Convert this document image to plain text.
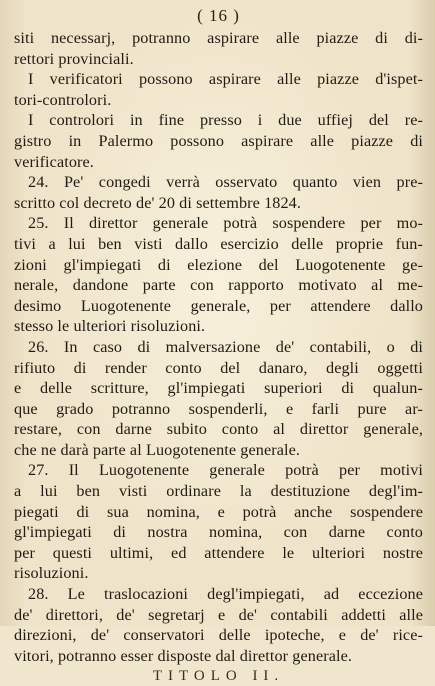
( 16 )
siti necessarj, potranno aspirare alle piazze di di-
rettori provinciali.
I verificatori possono aspirare alle piazze d'ispet-
tori-controlori.
I controlori in fine presso i due uffiej del re-
gistro in Palermo possono aspirare alle piazze di
verificatore.
24. Pe' congedi verrà osservato quanto vien pre-
scritto col decreto de' 20 di settembre 1824.
25. Il direttor generale potrà sospendere per mo-
tivi a lui ben visti dallo esercizio delle proprie fun-
zioni gl'impiegati di elezione del Luogotenente ge-
nerale, dandone parte con rapporto motivato al me-
desimo Luogotenente generale, per attendere dallo
stesso le ulteriori risoluzioni.
26. In caso di malversazione de' contabili, o di
rifiuto di render conto del danaro, degli oggetti
e delle scritture, gl'impiegati superiori di qualun-
que grado potranno sospenderli, e farli pure ar-
restare, con darne subito conto al direttor generale,
che ne darà parte al Luogotenente generale.
27. Il Luogotenente generale potrà per motivi
a lui ben visti ordinare la destituzione degl'im-
piegati di sua nomina, e potrà anche sospendere
gl'impiegati di nostra nomina, con darne conto
per questi ultimi, ed attendere le ulteriori nostre
risoluzioni.
28. Le traslocazioni degl'impiegati, ad eccezione
de' direttori, de' segretarj e de' contabili addetti alle
direzioni, de' conservatori delle ipoteche, e de' rice-
vitori, potranno esser disposte dal direttor generale.
TITOLO II.
